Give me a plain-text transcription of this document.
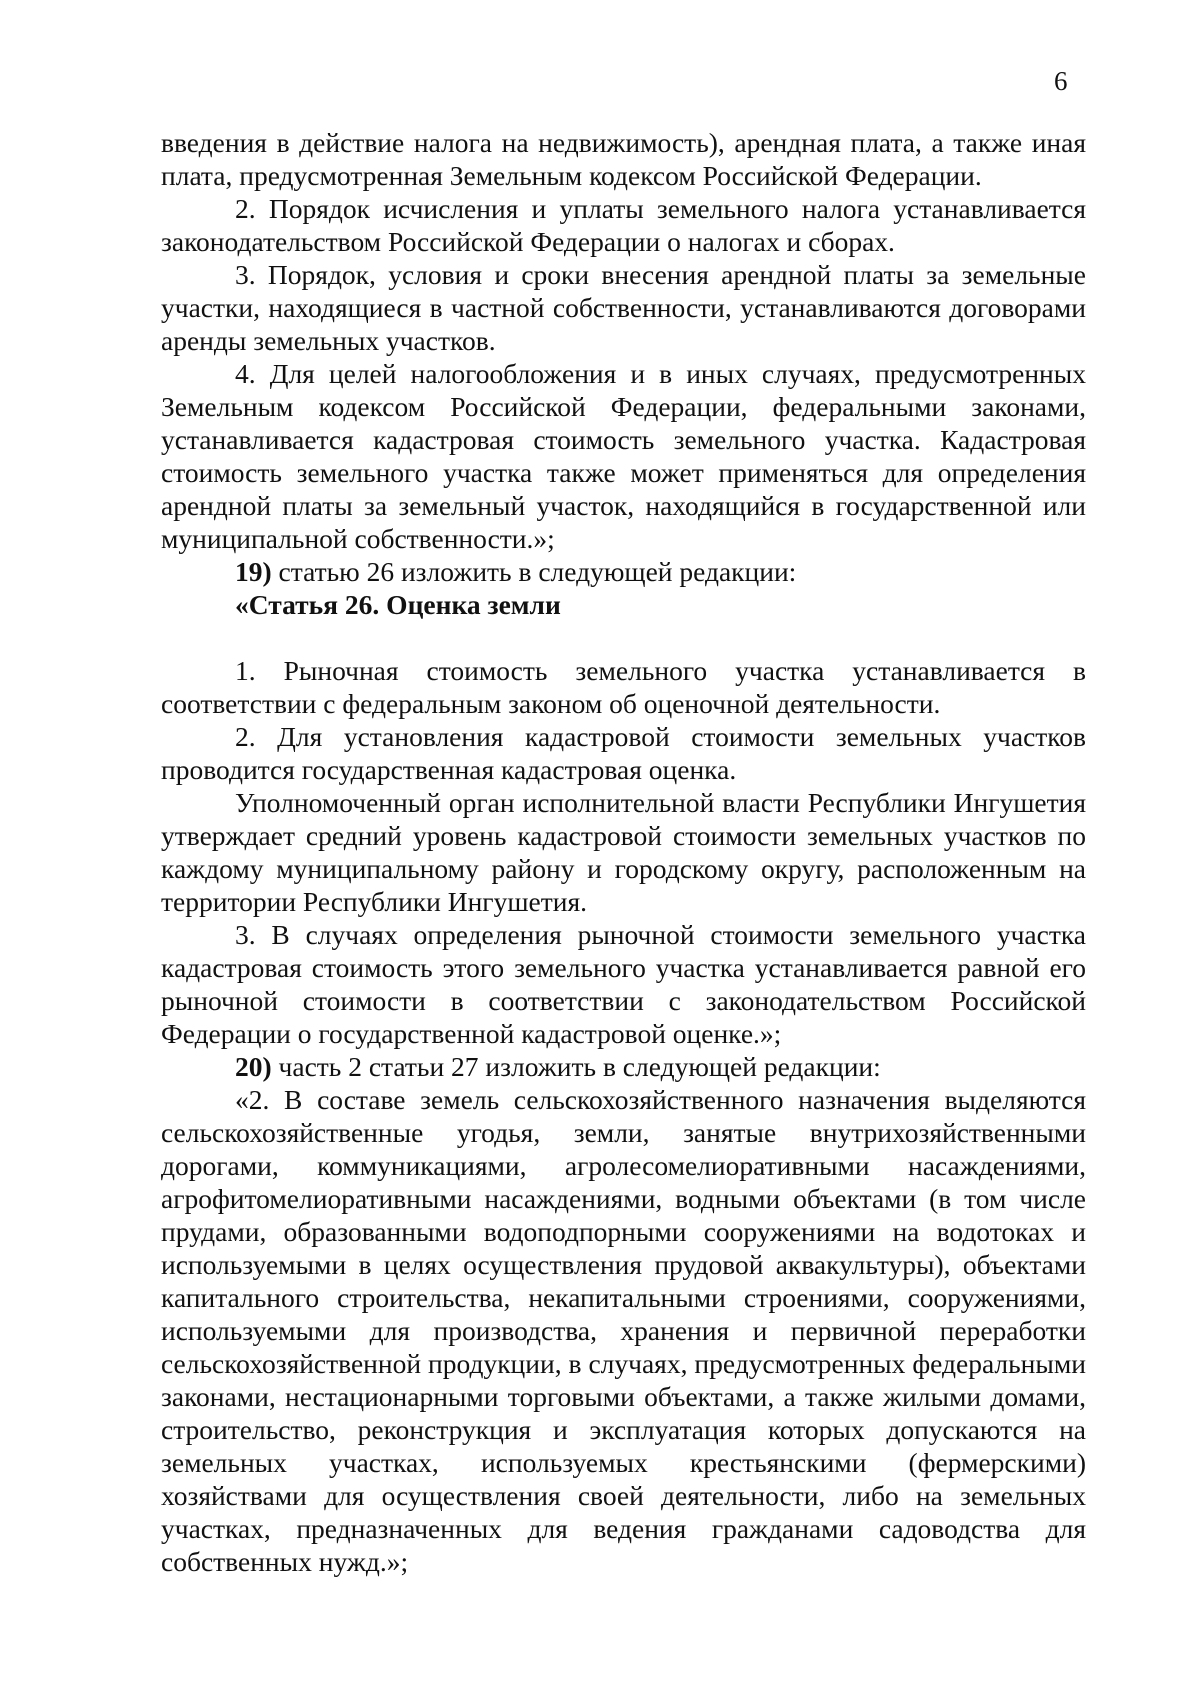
6

введения в действие налога на недвижимость), арендная плата, а также иная плата, предусмотренная Земельным кодексом Российской Федерации.

2. Порядок исчисления и уплаты земельного налога устанавливается законодательством Российской Федерации о налогах и сборах.

3. Порядок, условия и сроки внесения арендной платы за земельные участки, находящиеся в частной собственности, устанавливаются договорами аренды земельных участков.

4. Для целей налогообложения и в иных случаях, предусмотренных Земельным кодексом Российской Федерации, федеральными законами, устанавливается кадастровая стоимость земельного участка. Кадастровая стоимость земельного участка также может применяться для определения арендной платы за земельный участок, находящийся в государственной или муниципальной собственности.»;

19) статью 26 изложить в следующей редакции:

«Статья 26. Оценка земли

1. Рыночная стоимость земельного участка устанавливается в соответствии с федеральным законом об оценочной деятельности.

2. Для установления кадастровой стоимости земельных участков проводится государственная кадастровая оценка.

Уполномоченный орган исполнительной власти Республики Ингушетия утверждает средний уровень кадастровой стоимости земельных участков по каждому муниципальному району и городскому округу, расположенным на территории Республики Ингушетия.

3. В случаях определения рыночной стоимости земельного участка кадастровая стоимость этого земельного участка устанавливается равной его рыночной стоимости в соответствии с законодательством Российской Федерации о государственной кадастровой оценке.»;

20) часть 2 статьи 27 изложить в следующей редакции:

«2. В составе земель сельскохозяйственного назначения выделяются сельскохозяйственные угодья, земли, занятые внутрихозяйственными дорогами, коммуникациями, агролесомелиоративными насаждениями, агрофитомелиоративными насаждениями, водными объектами (в том числе прудами, образованными водоподпорными сооружениями на водотоках и используемыми в целях осуществления прудовой аквакультуры), объектами капитального строительства, некапитальными строениями, сооружениями, используемыми для производства, хранения и первичной переработки сельскохозяйственной продукции, в случаях, предусмотренных федеральными законами, нестационарными торговыми объектами, а также жилыми домами, строительство, реконструкция и эксплуатация которых допускаются на земельных участках, используемых крестьянскими (фермерскими) хозяйствами для осуществления своей деятельности, либо на земельных участках, предназначенных для ведения гражданами садоводства для собственных нужд.»;
